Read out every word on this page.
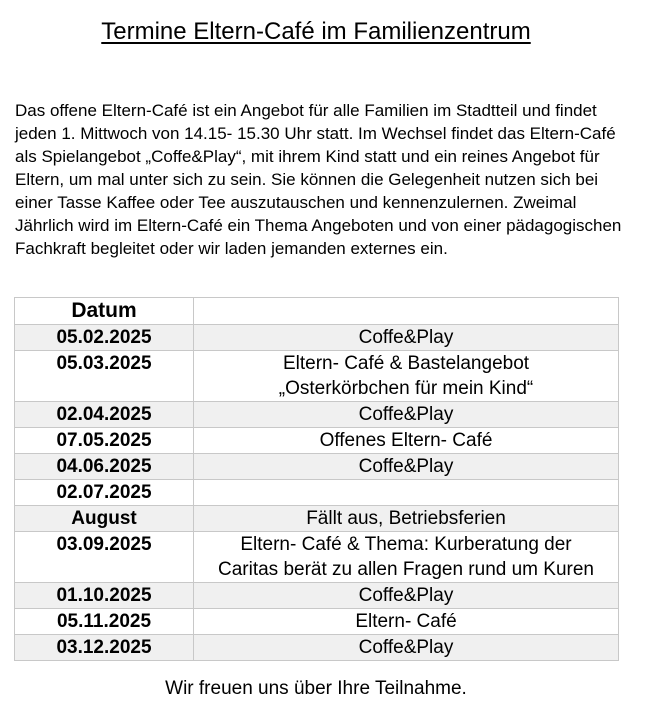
Termine Eltern-Café im Familienzentrum

Das offene Eltern-Café ist ein Angebot für alle Familien im Stadtteil und findet jeden 1. Mittwoch von 14.15- 15.30 Uhr statt. Im Wechsel findet das Eltern-Café als Spielangebot „Coffe&Play“, mit ihrem Kind statt und ein reines Angebot für Eltern, um mal unter sich zu sein. Sie können die Gelegenheit nutzen sich bei einer Tasse Kaffee oder Tee auszutauschen und kennenzulernen. Zweimal Jährlich wird im Eltern-Café ein Thema Angeboten und von einer pädagogischen Fachkraft begleitet oder wir laden jemanden externes ein.

Datum	
05.02.2025	Coffe&Play
05.03.2025	Eltern- Café & Bastelangebot „Osterkörbchen für mein Kind“
02.04.2025	Coffe&Play
07.05.2025	Offenes Eltern- Café
04.06.2025	Coffe&Play
02.07.2025	
August	Fällt aus, Betriebsferien
03.09.2025	Eltern- Café & Thema: Kurberatung der Caritas berät zu allen Fragen rund um Kuren
01.10.2025	Coffe&Play
05.11.2025	Eltern- Café
03.12.2025	Coffe&Play
Wir freuen uns über Ihre Teilnahme.
